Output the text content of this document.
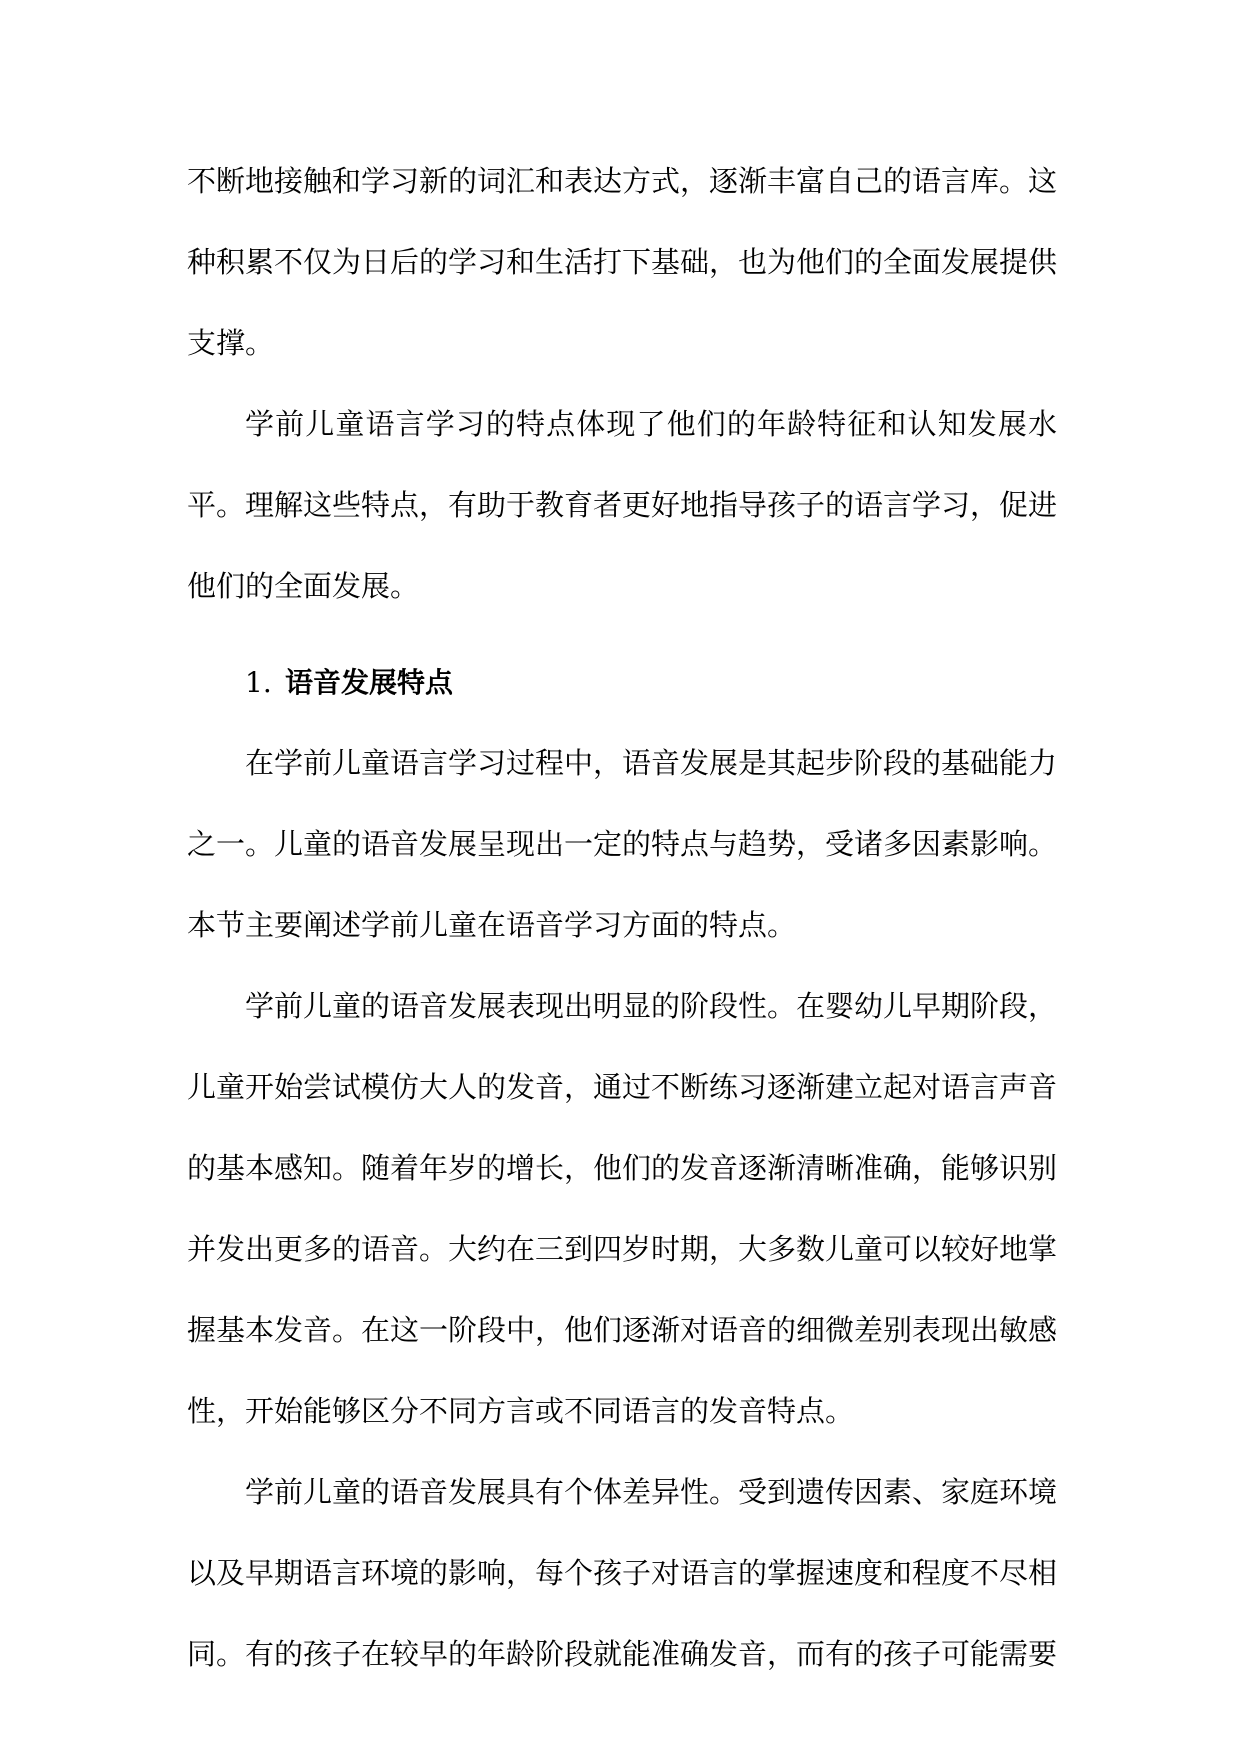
不断地接触和学习新的词汇和表达方式，逐渐丰富自己的语言库。这种积累不仅为日后的学习和生活打下基础，也为他们的全面发展提供支撑。

学前儿童语言学习的特点体现了他们的年龄特征和认知发展水平。理解这些特点，有助于教育者更好地指导孩子的语言学习，促进他们的全面发展。

1. 语音发展特点

在学前儿童语言学习过程中，语音发展是其起步阶段的基础能力之一。儿童的语音发展呈现出一定的特点与趋势，受诸多因素影响。本节主要阐述学前儿童在语音学习方面的特点。

学前儿童的语音发展表现出明显的阶段性。在婴幼儿早期阶段，儿童开始尝试模仿大人的发音，通过不断练习逐渐建立起对语言声音的基本感知。随着年岁的增长，他们的发音逐渐清晰准确，能够识别并发出更多的语音。大约在三到四岁时期，大多数儿童可以较好地掌握基本发音。在这一阶段中，他们逐渐对语音的细微差别表现出敏感性，开始能够区分不同方言或不同语言的发音特点。

学前儿童的语音发展具有个体差异性。受到遗传因素、家庭环境以及早期语言环境的影响，每个孩子对语言的掌握速度和程度不尽相同。有的孩子在较早的年龄阶段就能准确发音，而有的孩子可能需要
